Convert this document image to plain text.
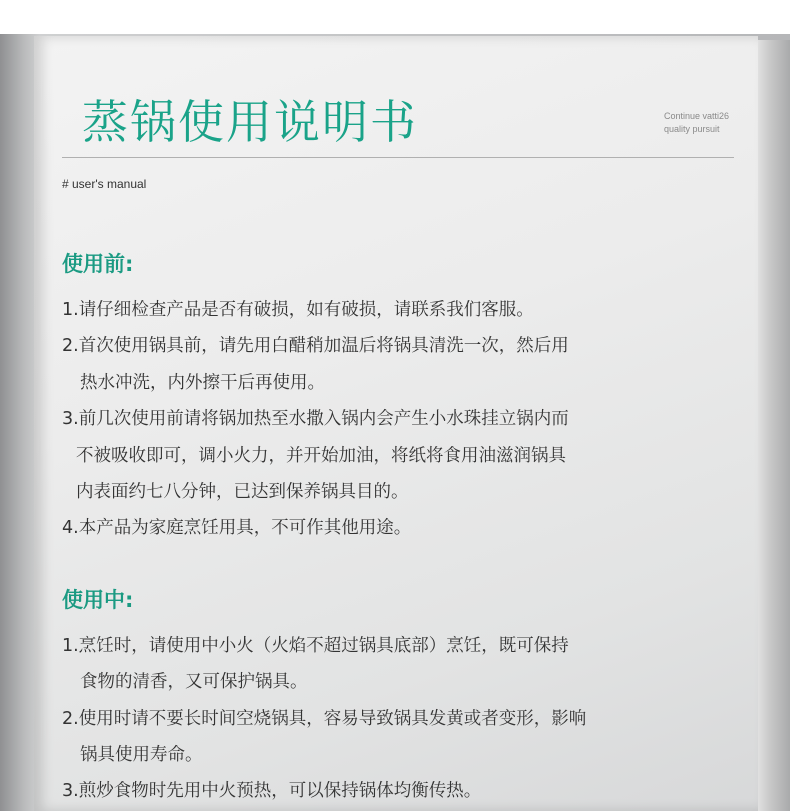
蒸锅使用说明书	Continue vatti26
quality pursuit
# user's manual
使用前:
1.请仔细检查产品是否有破损，如有破损，请联系我们客服。
2.首次使用锅具前，请先用白醋稍加温后将锅具清洗一次，然后用
热水冲洗，内外擦干后再使用。
3.前几次使用前请将锅加热至水撒入锅内会产生小水珠挂立锅内而
不被吸收即可，调小火力，并开始加油，将纸将食用油滋润锅具
内表面约七八分钟，已达到保养锅具目的。
4.本产品为家庭烹饪用具，不可作其他用途。
使用中:
1.烹饪时，请使用中小火（火焰不超过锅具底部）烹饪，既可保持
食物的清香，又可保护锅具。
2.使用时请不要长时间空烧锅具，容易导致锅具发黄或者变形，影响
锅具使用寿命。
3.煎炒食物时先用中火预热，可以保持锅体均衡传热。
